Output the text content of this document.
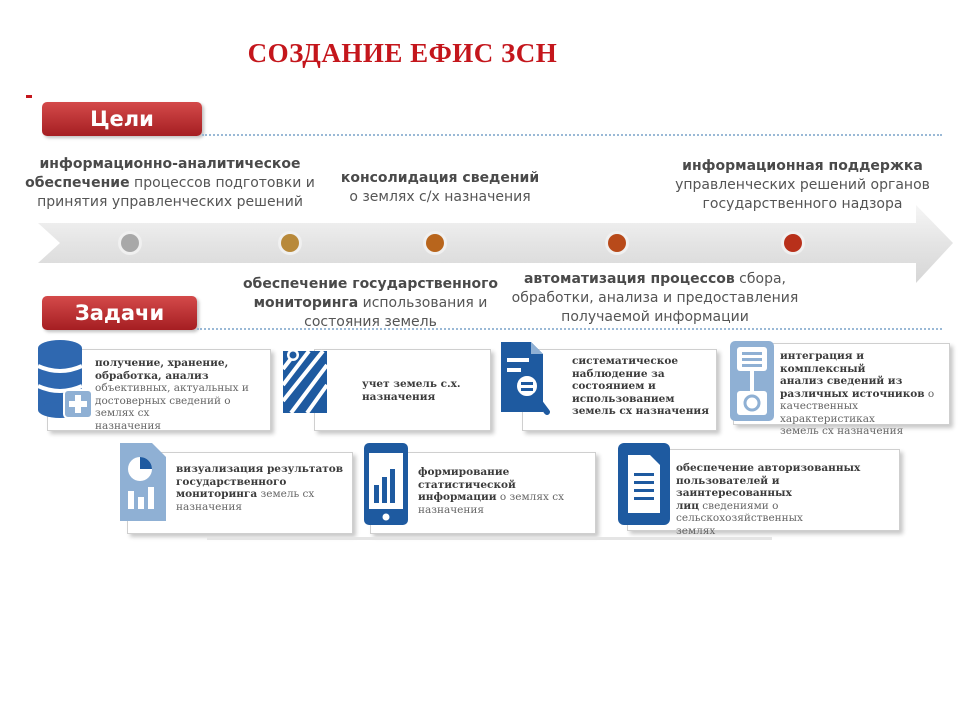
СОЗДАНИЕ ЕФИС ЗСН
Цели
информационно-аналитическое
обеспечение процессов подготовки и
принятия управленческих решений
консолидация сведений
о землях с/х назначения
информационная поддержка
управленческих решений органов
государственного надзора
обеспечение государственного
мониторинга использования и
состояния земель
автоматизация процессов сбора,
обработки, анализа и предоставления
получаемой информации
Задачи
получение, хранение,
обработка, анализ
объективных, актуальных и
достоверных сведений о землях сх
назначения
учет земель с.х.
назначения
систематическое
наблюдение за
состоянием и
использованием
земель сх назначения
интеграция и комплексный
анализ сведений из
различных источников о
качественных характеристиках
земель сх назначения
визуализация результатов
государственного
мониторинга земель сх
назначения
формирование
статистической
информации о землях сх
назначения
обеспечение авторизованных
пользователей и заинтересованных
лиц сведениями о сельскохозяйственных
землях
